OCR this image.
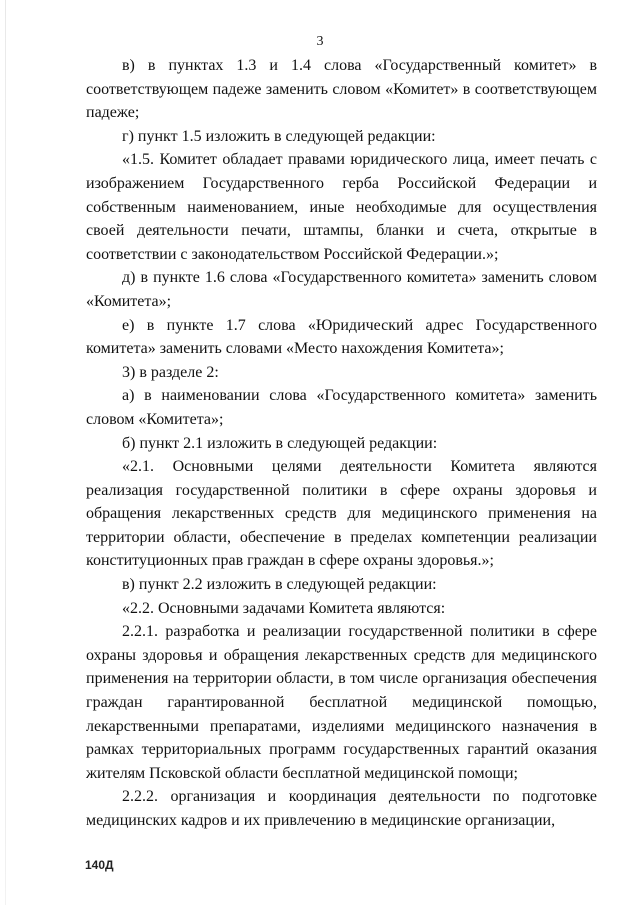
3

в) в пунктах 1.3 и 1.4 слова «Государственный комитет» в соответствующем падеже заменить словом «Комитет» в соответствующем падеже;

г) пункт 1.5 изложить в следующей редакции:

«1.5. Комитет обладает правами юридического лица, имеет печать с изображением Государственного герба Российской Федерации и собственным наименованием, иные необходимые для осуществления своей деятельности печати, штампы, бланки и счета, открытые в соответствии с законодательством Российской Федерации.»;

д) в пункте 1.6 слова «Государственного комитета» заменить словом «Комитета»;

е) в пункте 1.7 слова «Юридический адрес Государственного комитета» заменить словами «Место нахождения Комитета»;

3) в разделе 2:

а) в наименовании слова «Государственного комитета» заменить словом «Комитета»;

б) пункт 2.1 изложить в следующей редакции:

«2.1. Основными целями деятельности Комитета являются реализация государственной политики в сфере охраны здоровья и обращения лекарственных средств для медицинского применения на территории области, обеспечение в пределах компетенции реализации конституционных прав граждан в сфере охраны здоровья.»;

в) пункт 2.2 изложить в следующей редакции:

«2.2. Основными задачами Комитета являются:

2.2.1. разработка и реализации государственной политики в сфере охраны здоровья и обращения лекарственных средств для медицинского применения на территории области, в том числе организация обеспечения граждан гарантированной бесплатной медицинской помощью, лекарственными препаратами, изделиями медицинского назначения в рамках территориальных программ государственных гарантий оказания жителям Псковской области бесплатной медицинской помощи;

2.2.2. организация и координация деятельности по подготовке медицинских кадров и их привлечению в медицинские организации,

140Д
